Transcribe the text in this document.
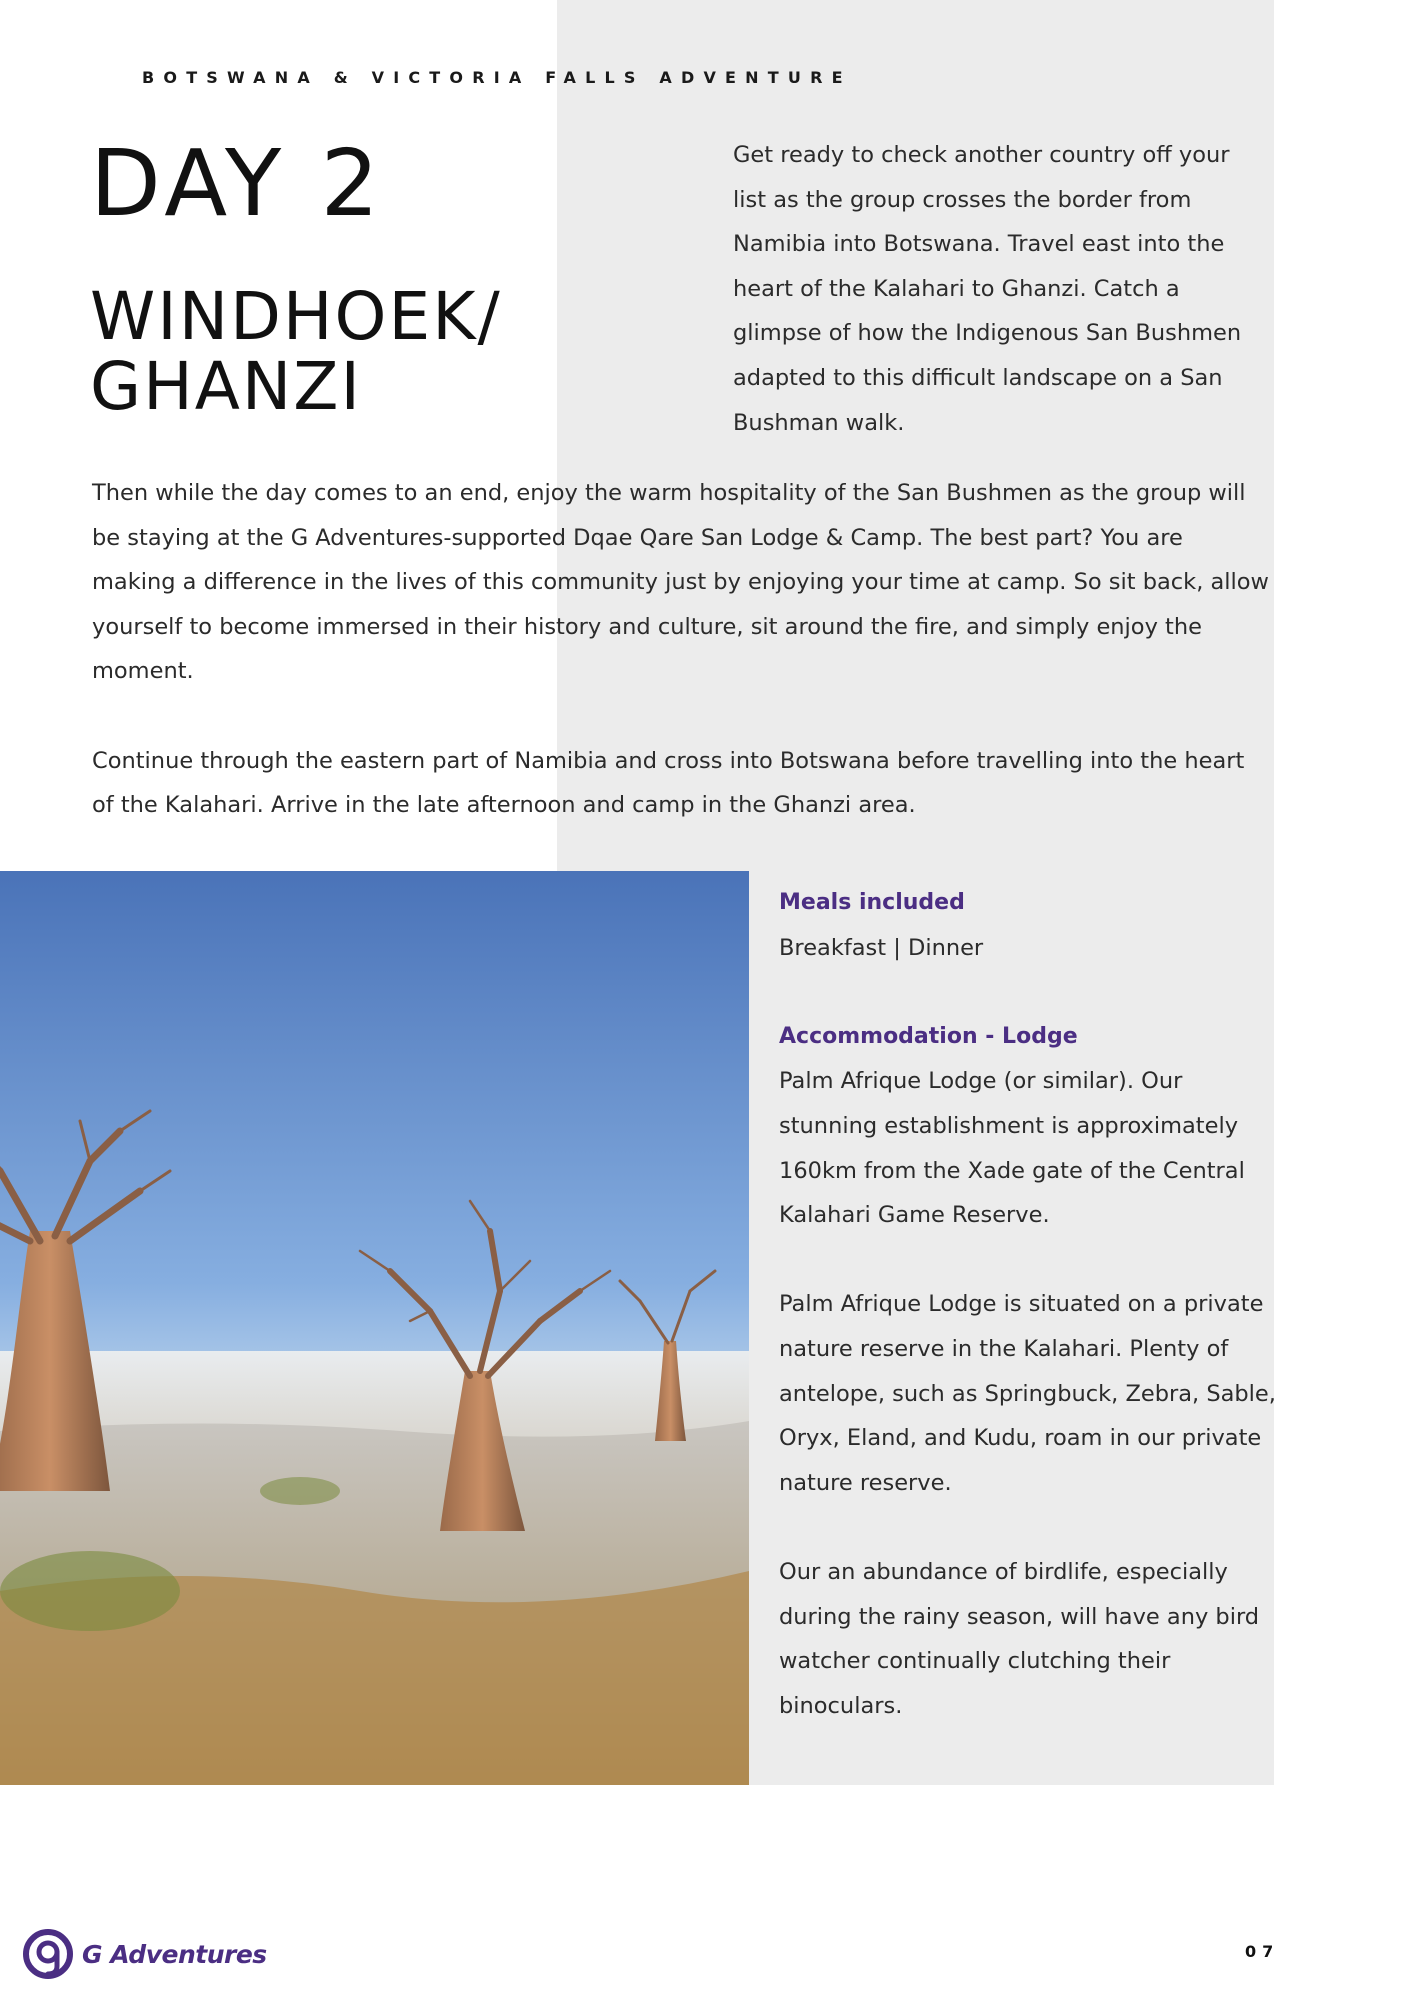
BOTSWANA & VICTORIA FALLS ADVENTURE
DAY 2
WINDHOEK/
GHANZI

Get ready to check another country off your list as the group crosses the border from Namibia into Botswana. Travel east into the heart of the Kalahari to Ghanzi. Catch a glimpse of how the Indigenous San Bushmen adapted to this difficult landscape on a San Bushman walk.

Then while the day comes to an end, enjoy the warm hospitality of the San Bushmen as the group will be staying at the G Adventures-supported Dqae Qare San Lodge & Camp. The best part? You are making a difference in the lives of this community just by enjoying your time at camp. So sit back, allow yourself to become immersed in their history and culture, sit around the fire, and simply enjoy the moment.

Continue through the eastern part of Namibia and cross into Botswana before travelling into the heart of the Kalahari. Arrive in the late afternoon and camp in the Ghanzi area.

Meals included
Breakfast | Dinner
Accommodation - Lodge
Palm Afrique Lodge (or similar). Our stunning establishment is approximately 160km from the Xade gate of the Central Kalahari Game Reserve.
Palm Afrique Lodge is situated on a private nature reserve in the Kalahari. Plenty of antelope, such as Springbuck, Zebra, Sable, Oryx, Eland, and Kudu, roam in our private nature reserve.
Our an abundance of birdlife, especially during the rainy season, will have any bird watcher continually clutching their binoculars.
G Adventures	07
